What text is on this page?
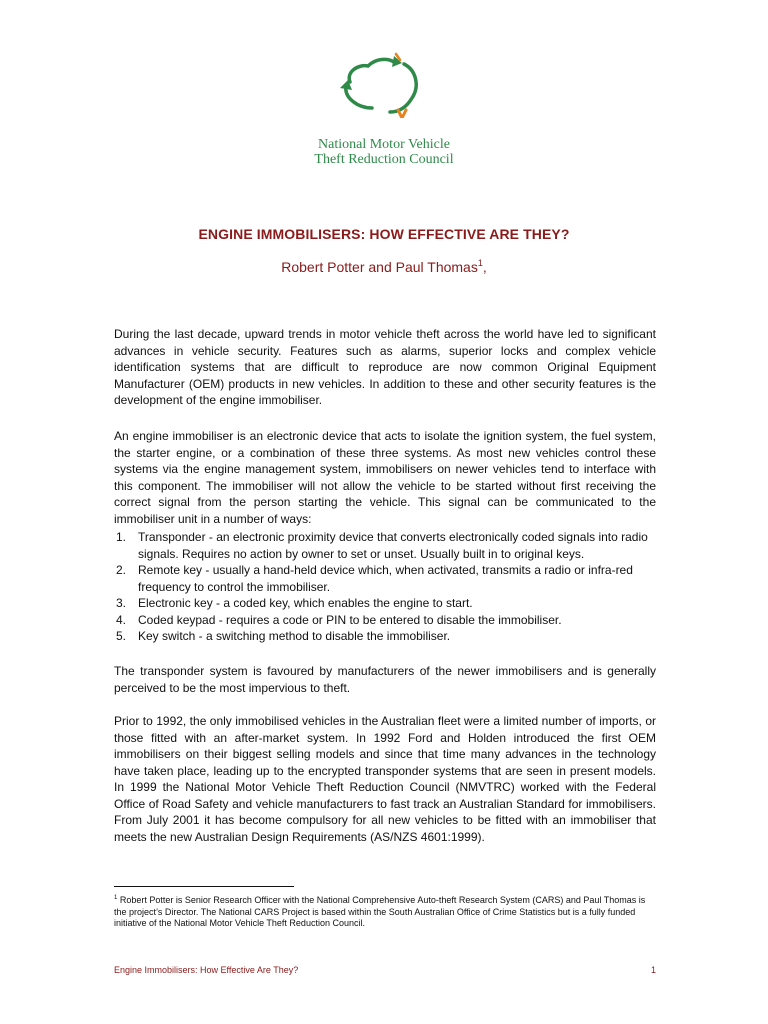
National Motor Vehicle
Theft Reduction Council
ENGINE IMMOBILISERS: HOW EFFECTIVE ARE THEY?
Robert Potter and Paul Thomas$^1$,

During the last decade, upward trends in motor vehicle theft across the world have led to significant advances in vehicle security. Features such as alarms, superior locks and complex vehicle identification systems that are difficult to reproduce are now common Original Equipment Manufacturer (OEM) products in new vehicles. In addition to these and other security features is the development of the engine immobiliser.

An engine immobiliser is an electronic device that acts to isolate the ignition system, the fuel system, the starter engine, or a combination of these three systems. As most new vehicles control these systems via the engine management system, immobilisers on newer vehicles tend to interface with this component. The immobiliser will not allow the vehicle to be started without first receiving the correct signal from the person starting the vehicle. This signal can be communicated to the immobiliser unit in a number of ways:

1. Transponder - an electronic proximity device that converts electronically coded signals into radio signals. Requires no action by owner to set or unset. Usually built in to original keys.
2. Remote key - usually a hand-held device which, when activated, transmits a radio or infra-red frequency to control the immobiliser.
3. Electronic key - a coded key, which enables the engine to start.
4. Coded keypad - requires a code or PIN to be entered to disable the immobiliser.
5. Key switch - a switching method to disable the immobiliser.

The transponder system is favoured by manufacturers of the newer immobilisers and is generally perceived to be the most impervious to theft.

Prior to 1992, the only immobilised vehicles in the Australian fleet were a limited number of imports, or those fitted with an after-market system. In 1992 Ford and Holden introduced the first OEM immobilisers on their biggest selling models and since that time many advances in the technology have taken place, leading up to the encrypted transponder systems that are seen in present models. In 1999 the National Motor Vehicle Theft Reduction Council (NMVTRC) worked with the Federal Office of Road Safety and vehicle manufacturers to fast track an Australian Standard for immobilisers. From July 2001 it has become compulsory for all new vehicles to be fitted with an immobiliser that meets the new Australian Design Requirements (AS/NZS 4601:1999).

$^1$ Robert Potter is Senior Research Officer with the National Comprehensive Auto-theft Research System (CARS) and Paul Thomas is the project’s Director. The National CARS Project is based within the South Australian Office of Crime Statistics but is a fully funded initiative of the National Motor Vehicle Theft Reduction Council.

Engine Immobilisers: How Effective Are They?	1
